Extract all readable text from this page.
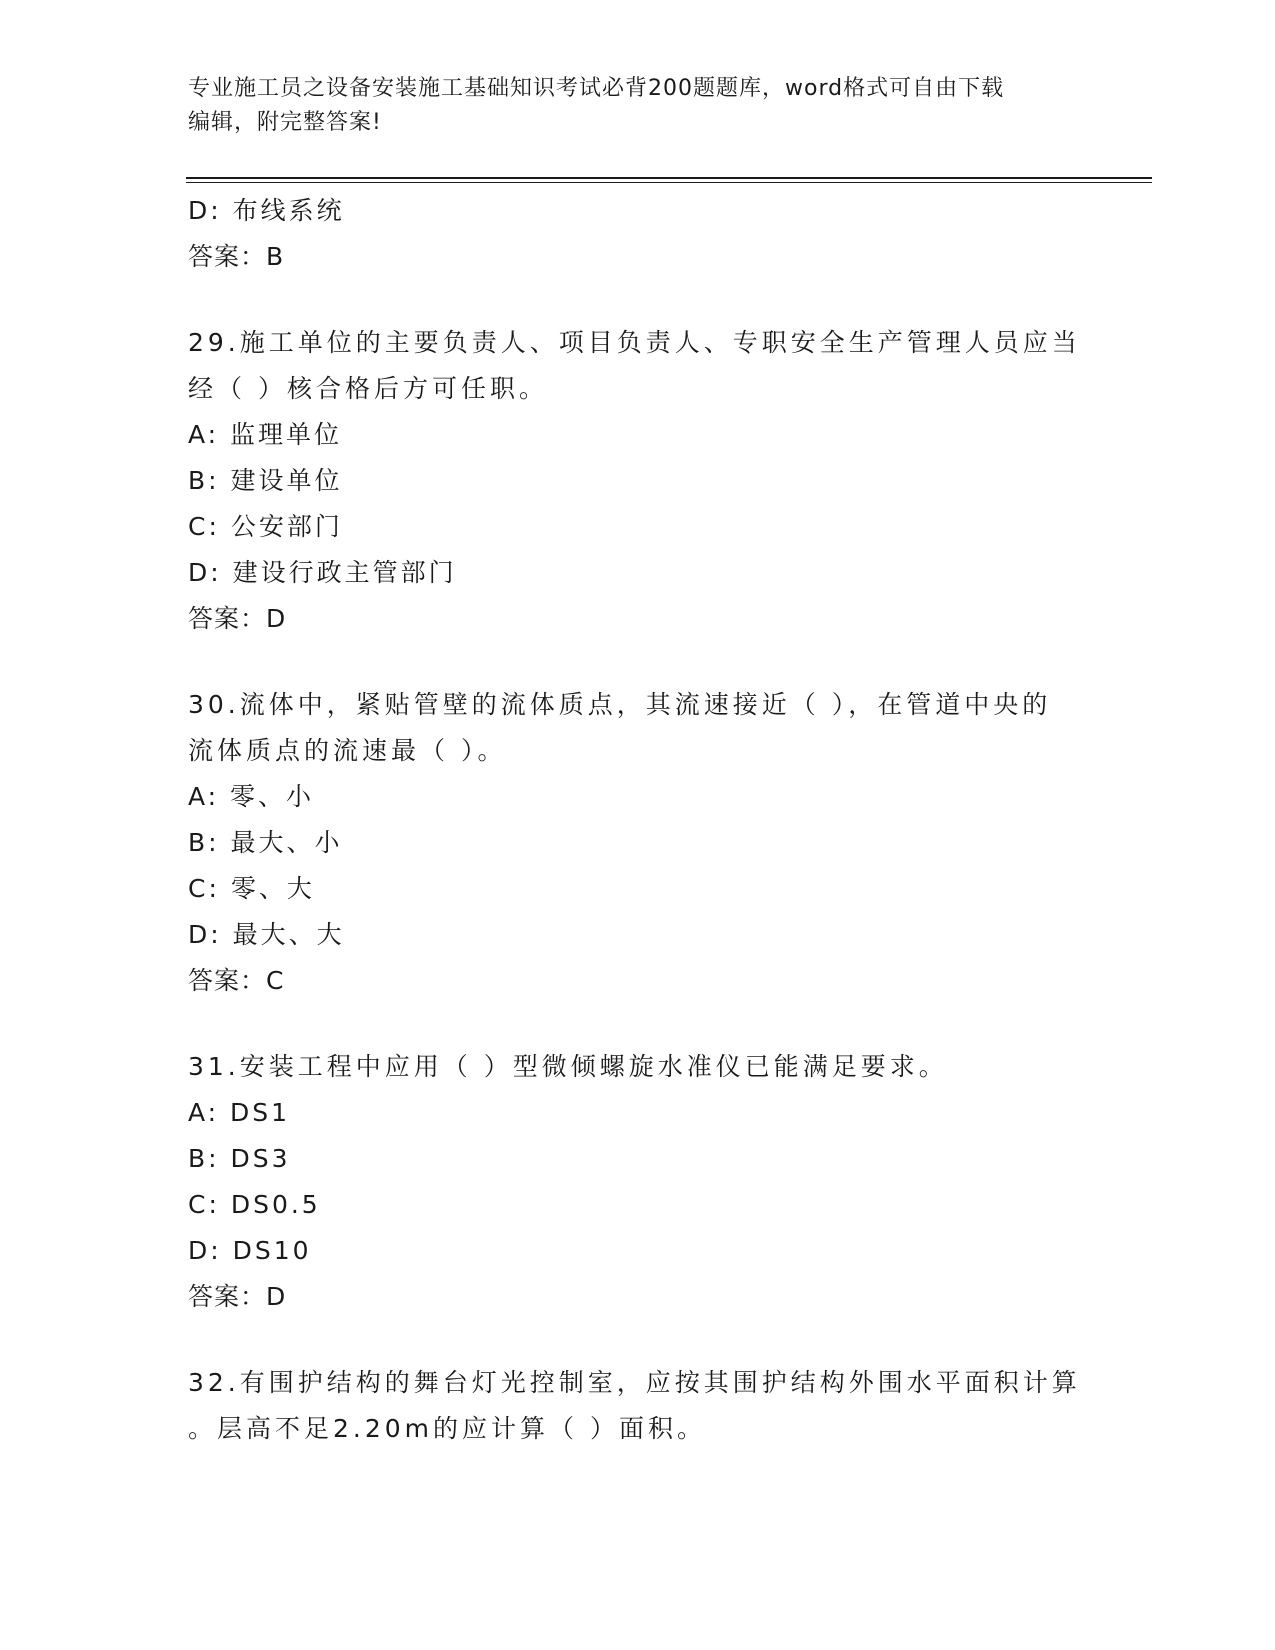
专业施工员之设备安装施工基础知识考试必背200题题库，word格式可自由下载
编辑，附完整答案!
D: 布线系统
答案：B
29.施工单位的主要负责人、项目负责人、专职安全生产管理人员应当
经（ ）核合格后方可任职。
A: 监理单位
B: 建设单位
C: 公安部门
D: 建设行政主管部门
答案：D
30.流体中，紧贴管壁的流体质点，其流速接近（ ），在管道中央的
流体质点的流速最（ ）。
A: 零、小
B: 最大、小
C: 零、大
D: 最大、大
答案：C
31.安装工程中应用（ ）型微倾螺旋水准仪已能满足要求。
A: DS1
B: DS3
C: DS0.5
D: DS10
答案：D
32.有围护结构的舞台灯光控制室，应按其围护结构外围水平面积计算
。层高不足2.20m的应计算（ ）面积。
